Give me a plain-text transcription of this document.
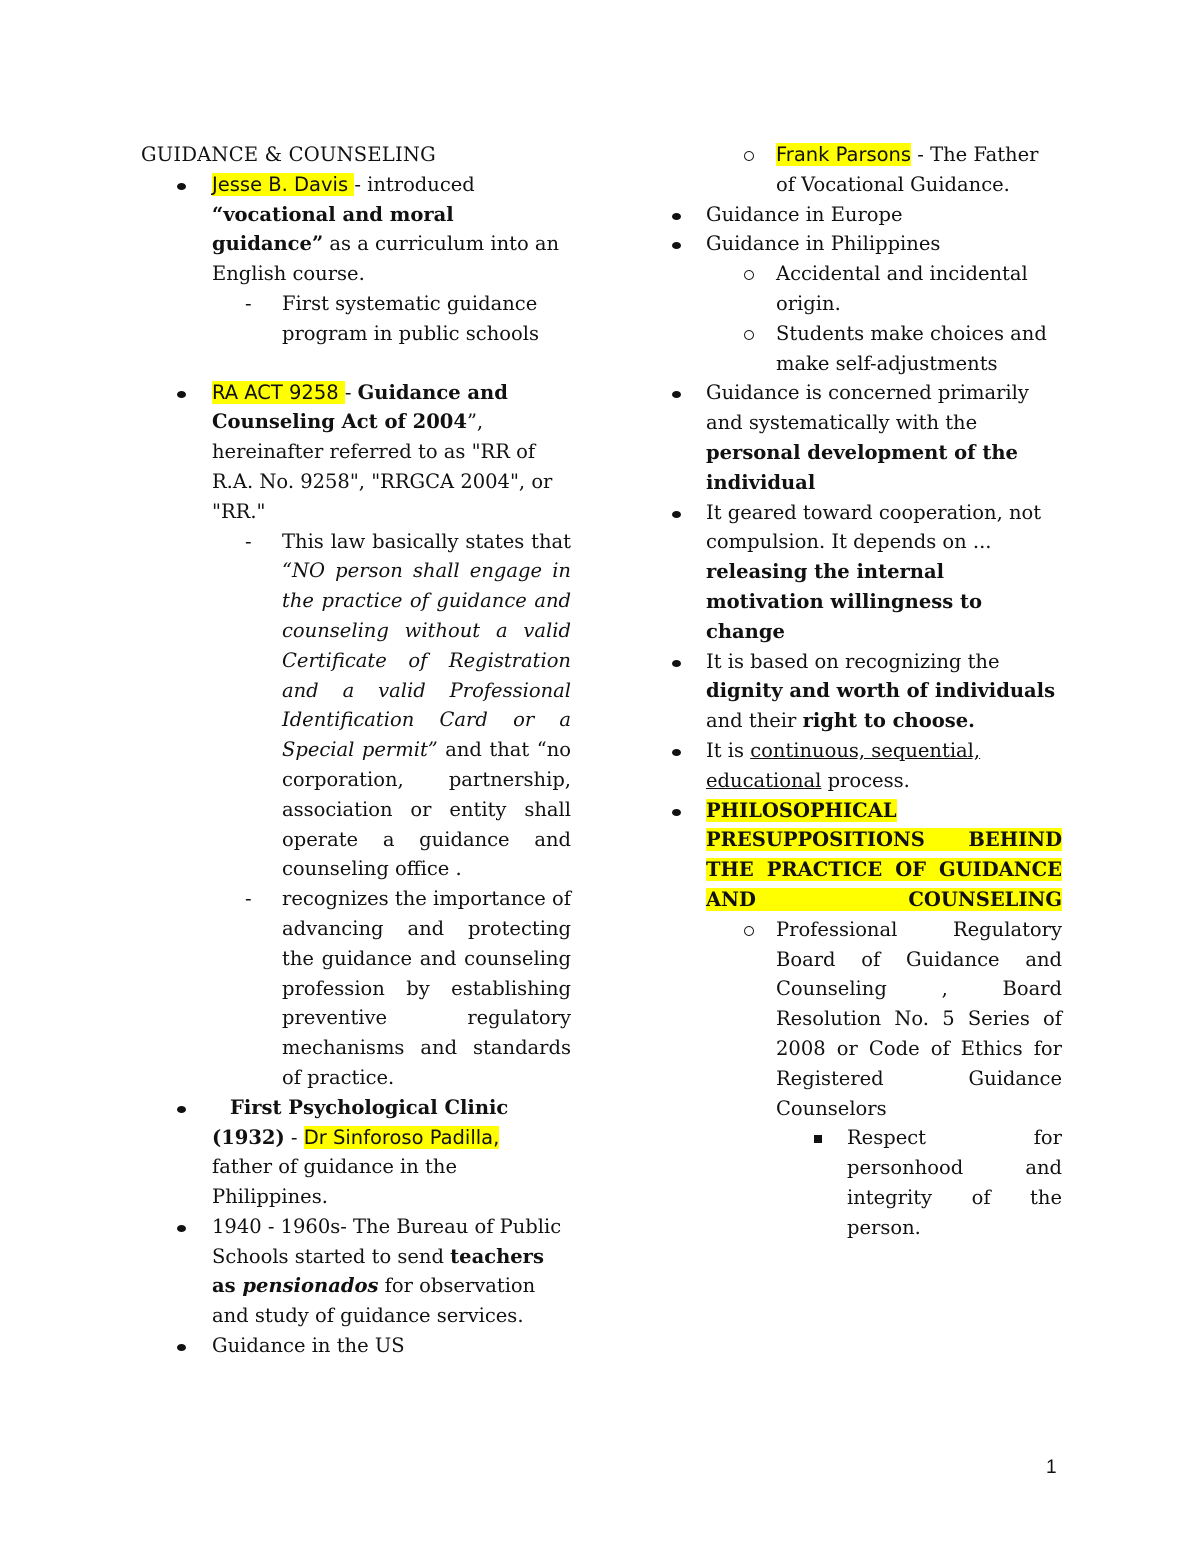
GUIDANCE & COUNSELING
Jesse B. Davis - introduced “vocational and moral guidance” as a curriculum into an English course.
- First systematic guidance program in public schools
RA ACT 9258 - Guidance and Counseling Act of 2004”, hereinafter referred to as "RR of R.A. No. 9258", "RRGCA 2004", or "RR."
- This law basically states that “NO person shall engage in the practice of guidance and counseling without a valid Certificate of Registration and a valid Professional Identification Card or a Special permit” and that “no corporation, partnership, association or entity shall operate a guidance and counseling office .
- recognizes the importance of advancing and protecting the guidance and counseling profession by establishing preventive regulatory mechanisms and standards of practice.
First Psychological Clinic (1932) - Dr Sinforoso Padilla,
father of guidance in the Philippines.
1940 - 1960s- The Bureau of Public Schools started to send teachers as pensionados for observation and study of guidance services.
Guidance in the US
Frank Parsons - The Father of Vocational Guidance.
Guidance in Europe
Guidance in Philippines
Accidental and incidental origin.
Students make choices and make self-adjustments
Guidance is concerned primarily and systematically with the personal development of the individual
It geared toward cooperation, not compulsion. It depends on ... releasing the internal motivation willingness to change
It is based on recognizing the dignity and worth of individuals and their right to choose.
It is continuous, sequential, educational process.
PHILOSOPHICAL PRESUPPOSITIONS BEHIND THE PRACTICE OF GUIDANCE AND COUNSELING
Professional Regulatory Board of Guidance and Counseling , Board Resolution No. 5 Series of 2008 or Code of Ethics for Registered Guidance Counselors
Respect for personhood and integrity of the person.
1
